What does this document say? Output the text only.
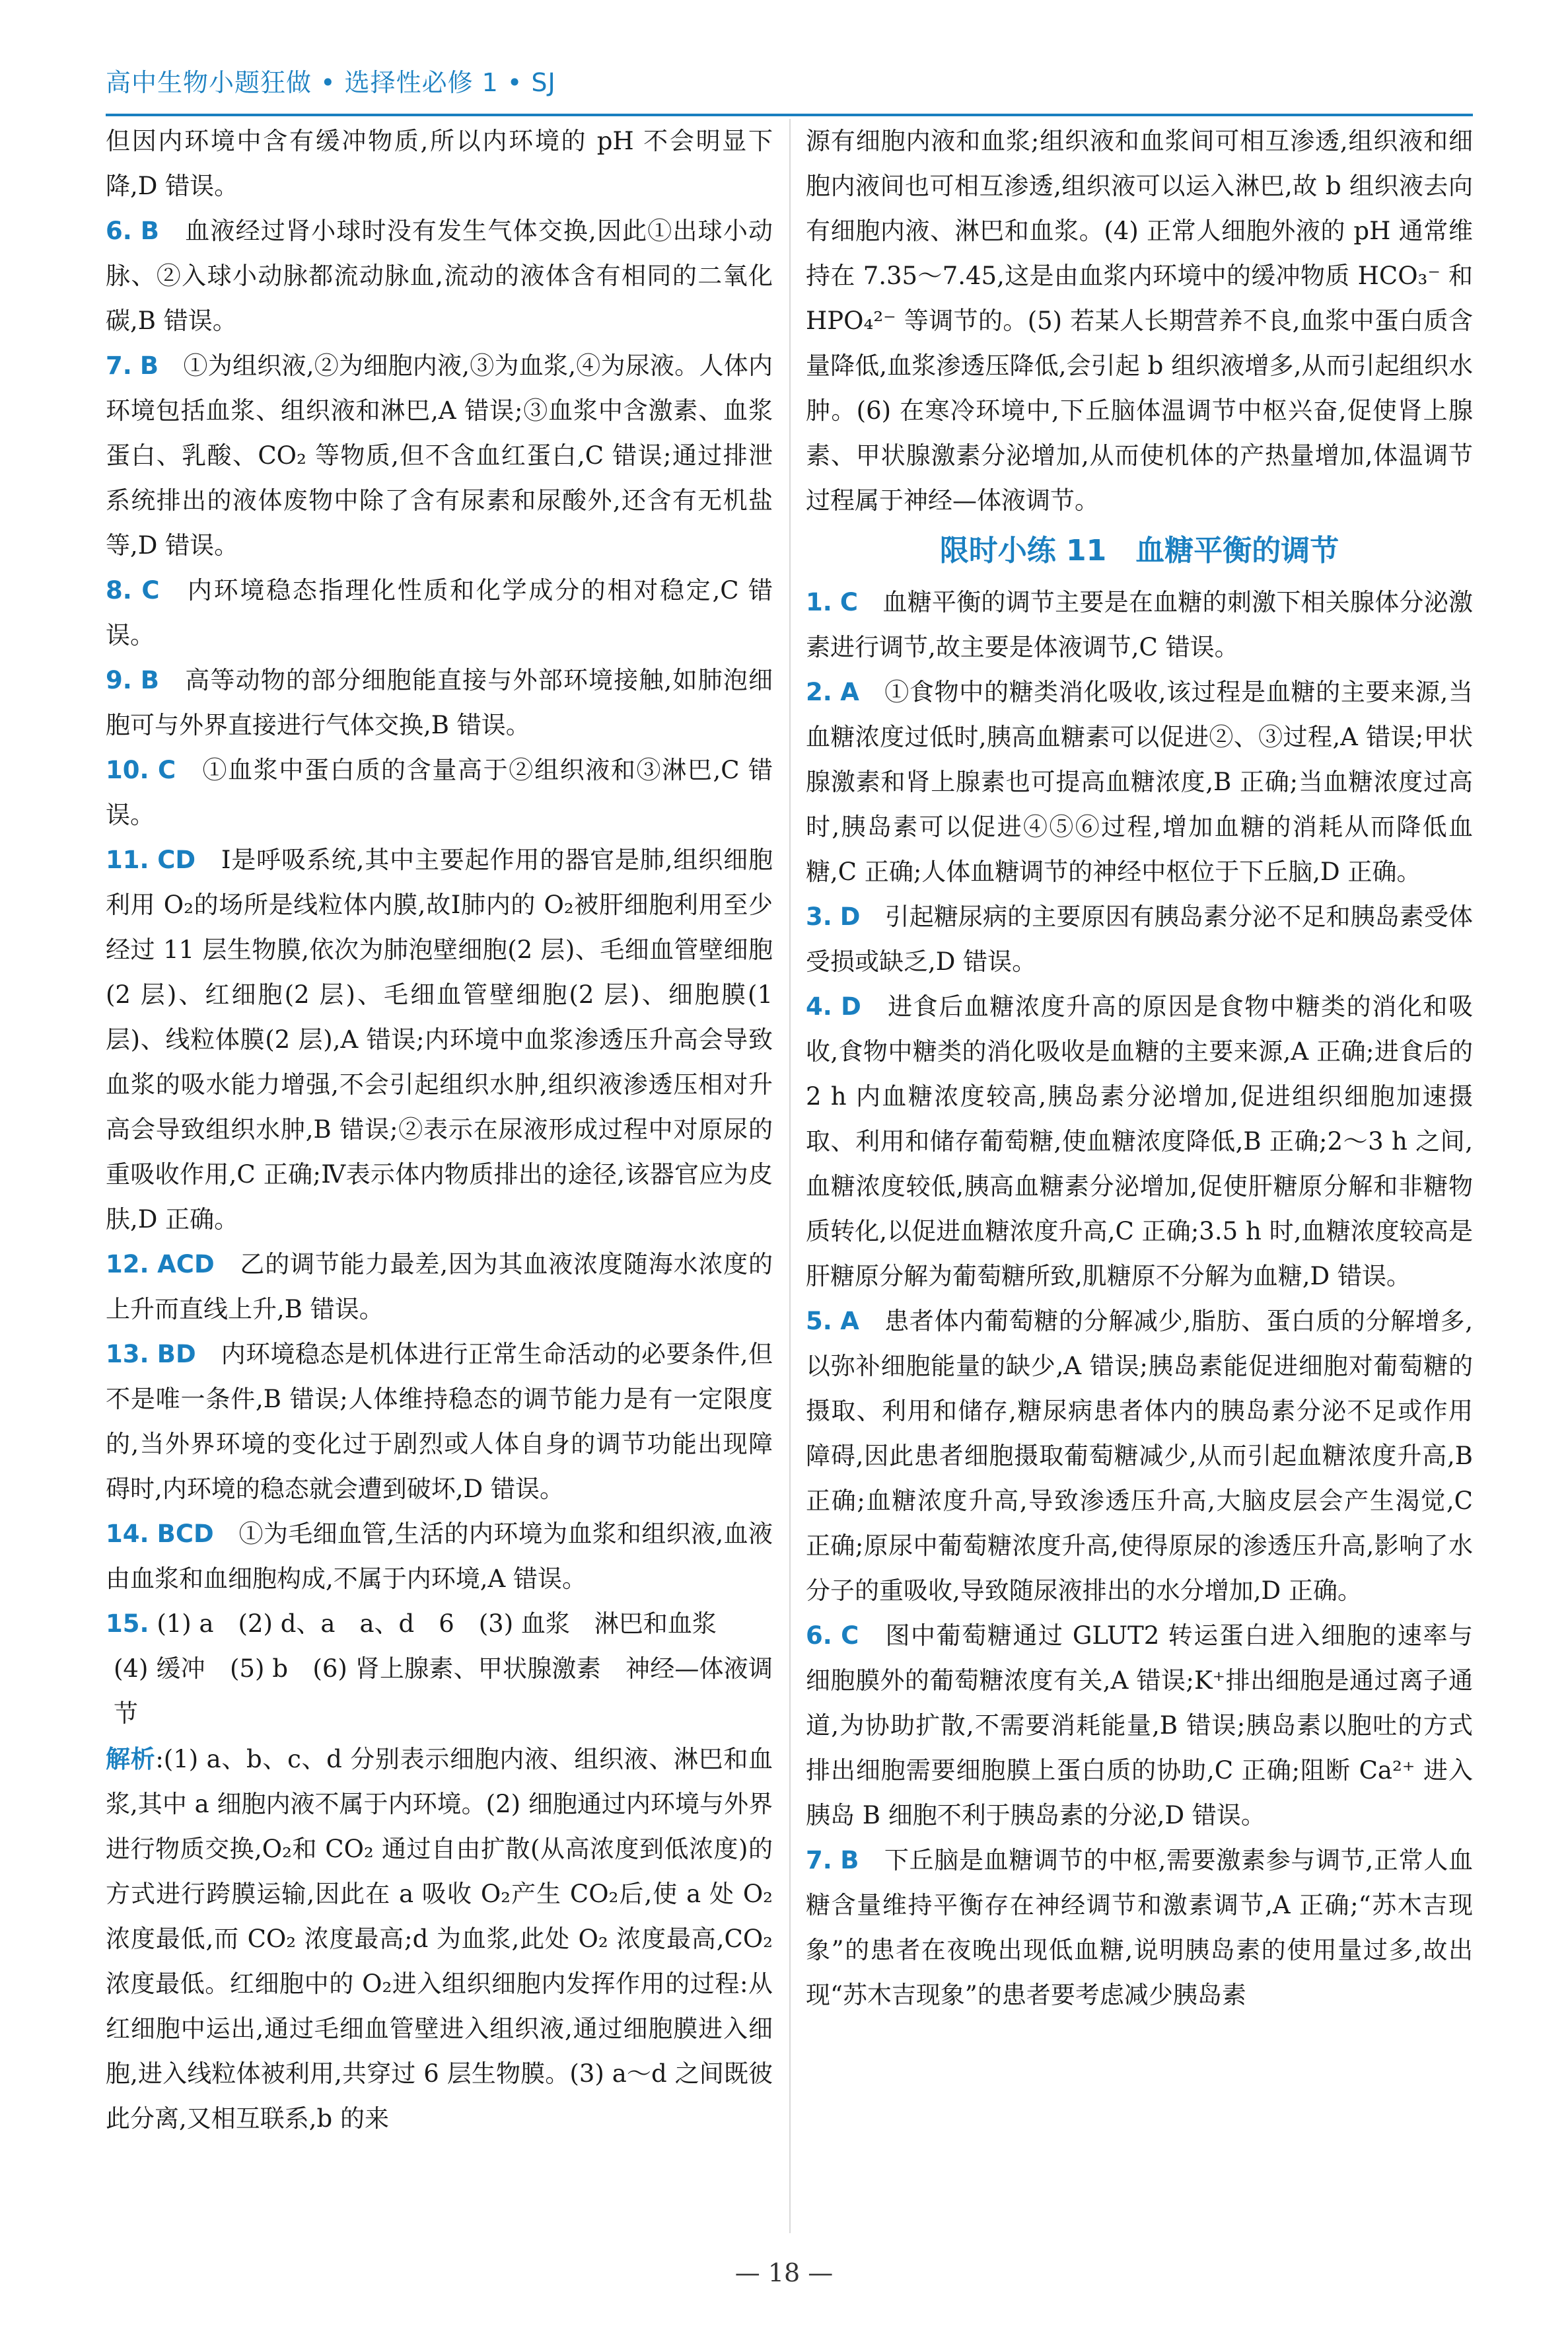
高中生物小题狂做 • 选择性必修 1 • SJ

但因内环境中含有缓冲物质,所以内环境的 pH 不会明显下降,D 错误。

6. B　 血液经过肾小球时没有发生气体交换,因此①出球小动脉、②入球小动脉都流动脉血,流动的液体含有相同的二氧化碳,B 错误。

7. B　 ①为组织液,②为细胞内液,③为血浆,④为尿液。人体内环境包括血浆、组织液和淋巴,A 错误;③血浆中含激素、血浆蛋白、乳酸、CO₂ 等物质,但不含血红蛋白,C 错误;通过排泄系统排出的液体废物中除了含有尿素和尿酸外,还含有无机盐等,D 错误。

8. C　 内环境稳态指理化性质和化学成分的相对稳定,C 错误。

9. B　 高等动物的部分细胞能直接与外部环境接触,如肺泡细胞可与外界直接进行气体交换,B 错误。

10. C　 ①血浆中蛋白质的含量高于②组织液和③淋巴,C 错误。

11. CD　 Ⅰ是呼吸系统,其中主要起作用的器官是肺,组织细胞利用 O₂的场所是线粒体内膜,故Ⅰ肺内的 O₂被肝细胞利用至少经过 11 层生物膜,依次为肺泡壁细胞(2 层)、毛细血管壁细胞(2 层)、红细胞(2 层)、毛细血管壁细胞(2 层)、细胞膜(1 层)、线粒体膜(2 层),A 错误;内环境中血浆渗透压升高会导致血浆的吸水能力增强,不会引起组织水肿,组织液渗透压相对升高会导致组织水肿,B 错误;②表示在尿液形成过程中对原尿的重吸收作用,C 正确;Ⅳ表示体内物质排出的途径,该器官应为皮肤,D 正确。

12. ACD　 乙的调节能力最差,因为其血液浓度随海水浓度的上升而直线上升,B 错误。

13. BD　 内环境稳态是机体进行正常生命活动的必要条件,但不是唯一条件,B 错误;人体维持稳态的调节能力是有一定限度的,当外界环境的变化过于剧烈或人体自身的调节功能出现障碍时,内环境的稳态就会遭到破坏,D 错误。

14. BCD　 ①为毛细血管,生活的内环境为血浆和组织液,血液由血浆和血细胞构成,不属于内环境,A 错误。

15. (1) a　(2) d、a　a、d　6　(3) 血浆　淋巴和血浆

(4) 缓冲　(5) b　(6) 肾上腺素、甲状腺激素　神经—体液调节

解析:(1) a、b、c、d 分别表示细胞内液、组织液、淋巴和血浆,其中 a 细胞内液不属于内环境。(2) 细胞通过内环境与外界进行物质交换,O₂和 CO₂ 通过自由扩散(从高浓度到低浓度)的方式进行跨膜运输,因此在 a 吸收 O₂产生 CO₂后,使 a 处 O₂浓度最低,而 CO₂ 浓度最高;d 为血浆,此处 O₂ 浓度最高,CO₂浓度最低。红细胞中的 O₂进入组织细胞内发挥作用的过程:从红细胞中运出,通过毛细血管壁进入组织液,通过细胞膜进入细胞,进入线粒体被利用,共穿过 6 层生物膜。(3) a～d 之间既彼此分离,又相互联系,b 的来

源有细胞内液和血浆;组织液和血浆间可相互渗透,组织液和细胞内液间也可相互渗透,组织液可以运入淋巴,故 b 组织液去向有细胞内液、淋巴和血浆。(4) 正常人细胞外液的 pH 通常维持在 7.35～7.45,这是由血浆内环境中的缓冲物质 HCO₃⁻ 和 HPO₄²⁻ 等调节的。(5) 若某人长期营养不良,血浆中蛋白质含量降低,血浆渗透压降低,会引起 b 组织液增多,从而引起组织水肿。(6) 在寒冷环境中,下丘脑体温调节中枢兴奋,促使肾上腺素、甲状腺激素分泌增加,从而使机体的产热量增加,体温调节过程属于神经—体液调节。

限时小练 11　血糖平衡的调节

1. C　 血糖平衡的调节主要是在血糖的刺激下相关腺体分泌激素进行调节,故主要是体液调节,C 错误。

2. A　 ①食物中的糖类消化吸收,该过程是血糖的主要来源,当血糖浓度过低时,胰高血糖素可以促进②、③过程,A 错误;甲状腺激素和肾上腺素也可提高血糖浓度,B 正确;当血糖浓度过高时,胰岛素可以促进④⑤⑥过程,增加血糖的消耗从而降低血糖,C 正确;人体血糖调节的神经中枢位于下丘脑,D 正确。

3. D　 引起糖尿病的主要原因有胰岛素分泌不足和胰岛素受体受损或缺乏,D 错误。

4. D　 进食后血糖浓度升高的原因是食物中糖类的消化和吸收,食物中糖类的消化吸收是血糖的主要来源,A 正确;进食后的 2 h 内血糖浓度较高,胰岛素分泌增加,促进组织细胞加速摄取、利用和储存葡萄糖,使血糖浓度降低,B 正确;2～3 h 之间,血糖浓度较低,胰高血糖素分泌增加,促使肝糖原分解和非糖物质转化,以促进血糖浓度升高,C 正确;3.5 h 时,血糖浓度较高是肝糖原分解为葡萄糖所致,肌糖原不分解为血糖,D 错误。

5. A　 患者体内葡萄糖的分解减少,脂肪、蛋白质的分解增多,以弥补细胞能量的缺少,A 错误;胰岛素能促进细胞对葡萄糖的摄取、利用和储存,糖尿病患者体内的胰岛素分泌不足或作用障碍,因此患者细胞摄取葡萄糖减少,从而引起血糖浓度升高,B 正确;血糖浓度升高,导致渗透压升高,大脑皮层会产生渴觉,C 正确;原尿中葡萄糖浓度升高,使得原尿的渗透压升高,影响了水分子的重吸收,导致随尿液排出的水分增加,D 正确。

6. C　 图中葡萄糖通过 GLUT2 转运蛋白进入细胞的速率与细胞膜外的葡萄糖浓度有关,A 错误;K⁺排出细胞是通过离子通道,为协助扩散,不需要消耗能量,B 错误;胰岛素以胞吐的方式排出细胞需要细胞膜上蛋白质的协助,C 正确;阻断 Ca²⁺ 进入胰岛 B 细胞不利于胰岛素的分泌,D 错误。

7. B　 下丘脑是血糖调节的中枢,需要激素参与调节,正常人血糖含量维持平衡存在神经调节和激素调节,A 正确;“苏木吉现象”的患者在夜晚出现低血糖,说明胰岛素的使用量过多,故出现“苏木吉现象”的患者要考虑减少胰岛素

— 18 —
